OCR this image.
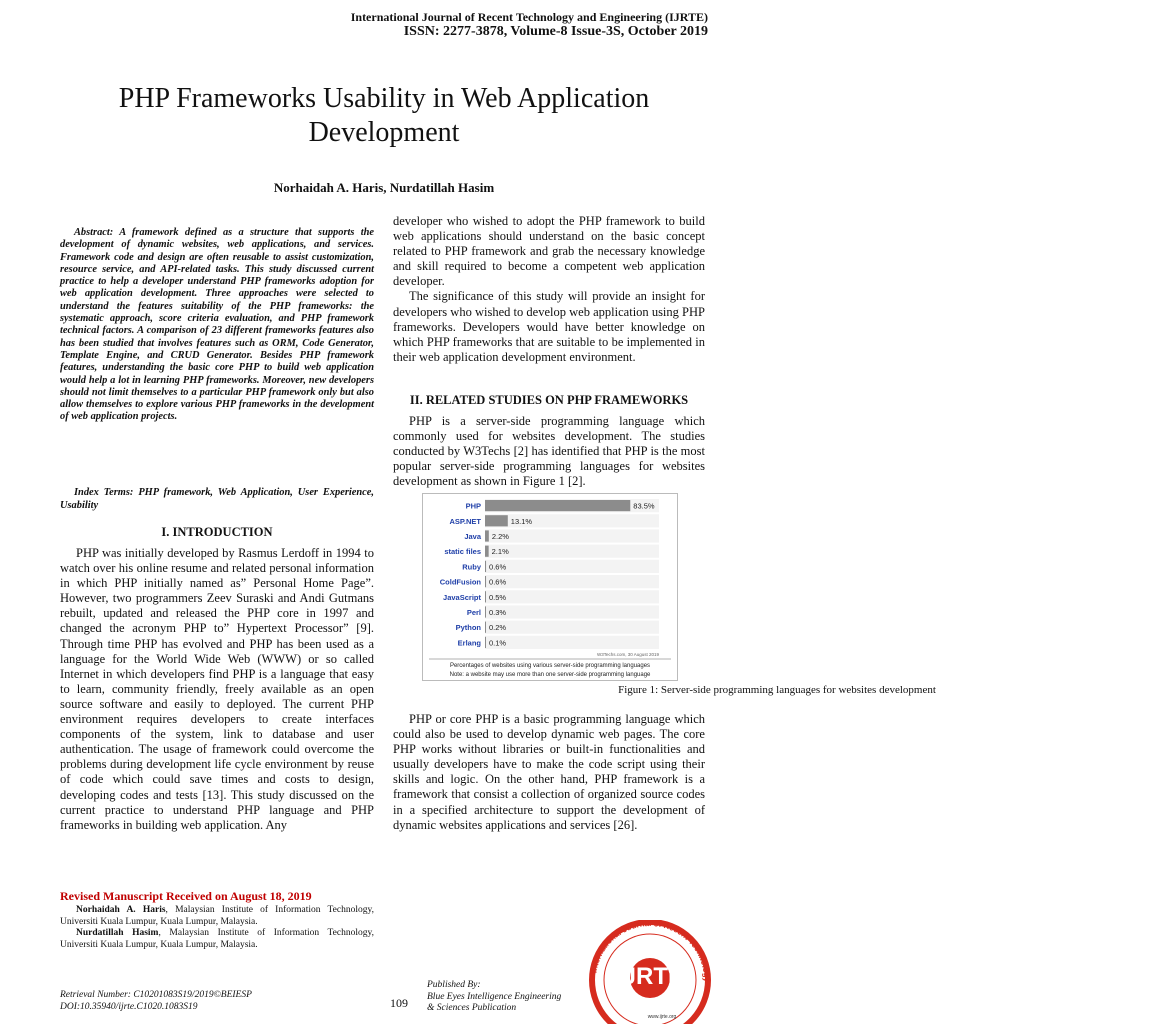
International Journal of Recent Technology and Engineering (IJRTE)
ISSN: 2277-3878, Volume-8 Issue-3S, October 2019
PHP Frameworks Usability in Web Application Development
Norhaidah A. Haris, Nurdatillah Hasim
Abstract: A framework defined as a structure that supports the development of dynamic websites, web applications, and services. Framework code and design are often reusable to assist customization, resource service, and API-related tasks. This study discussed current practice to help a developer understand PHP frameworks adoption for web application development. Three approaches were selected to understand the features suitability of the PHP frameworks: the systematic approach, score criteria evaluation, and PHP framework technical factors. A comparison of 23 different frameworks features also has been studied that involves features such as ORM, Code Generator, Template Engine, and CRUD Generator. Besides PHP framework features, understanding the basic core PHP to build web application would help a lot in learning PHP frameworks. Moreover, new developers should not limit themselves to a particular PHP framework only but also allow themselves to explore various PHP frameworks in the development of web application projects.
Index Terms: PHP framework, Web Application, User Experience, Usability
I. INTRODUCTION

PHP was initially developed by Rasmus Lerdoff in 1994 to watch over his online resume and related personal information in which PHP initially named as” Personal Home Page”. However, two programmers Zeev Suraski and Andi Gutmans rebuilt, updated and released the PHP core in 1997 and changed the acronym PHP to” Hypertext Processor” [9]. Through time PHP has evolved and PHP has been used as a language for the World Wide Web (WWW) or so called Internet in which developers find PHP is a language that easy to learn, community friendly, freely available as an open source software and easily to deployed. The current PHP environment requires developers to create interfaces components of the system, link to database and user authentication. The usage of framework could overcome the problems during development life cycle environment by reuse of code which could save times and costs to design, developing codes and tests [13]. This study discussed on the current practice to understand PHP language and PHP frameworks in building web application. Any

Revised Manuscript Received on August 18, 2019

Norhaidah A. Haris, Malaysian Institute of Information Technology, Universiti Kuala Lumpur, Kuala Lumpur, Malaysia.

Nurdatillah Hasim, Malaysian Institute of Information Technology, Universiti Kuala Lumpur, Kuala Lumpur, Malaysia.

developer who wished to adopt the PHP framework to build web applications should understand on the basic concept related to PHP framework and grab the necessary knowledge and skill required to become a competent web application developer.

The significance of this study will provide an insight for developers who wished to develop web application using PHP frameworks. Developers would have better knowledge on which PHP frameworks that are suitable to be implemented in their web application development environment.

II. RELATED STUDIES ON PHP FRAMEWORKS

PHP is a server-side programming language which commonly used for websites development. The studies conducted by W3Techs [2] has identified that PHP is the most popular server-side programming languages for websites development as shown in Figure 1 [2].

PHP	83.5%
ASP.NET	13.1%
Java 2.2%
static files 2.1%
Ruby 0.6%
ColdFusion 0.6%
JavaScript 0.5%
Perl 0.3%
Python 0.2%
Erlang 0.1%
W3Techs.com, 30 August 2019
Percentages of websites using various server-side programming languages
Note: a website may use more than one server-side programming language
Figure 1: Server-side programming languages for websites development

PHP or core PHP is a basic programming language which could also be used to develop dynamic web pages. The core PHP works without libraries or built-in functionalities and usually developers have to make the code script using their skills and logic. On the other hand, PHP framework is a framework that consist a collection of organized source codes in a specified architecture to support the development of dynamic websites applications and services [26].

Retrieval Number: C10201083S19/2019©BEIESP
DOI:10.35940/ijrte.C1020.1083S19	109
Published By:
Blue Eyes Intelligence Engineering
& Sciences Publication
International Journal of Recent Technology
IJRTE
www.ijrte.org
